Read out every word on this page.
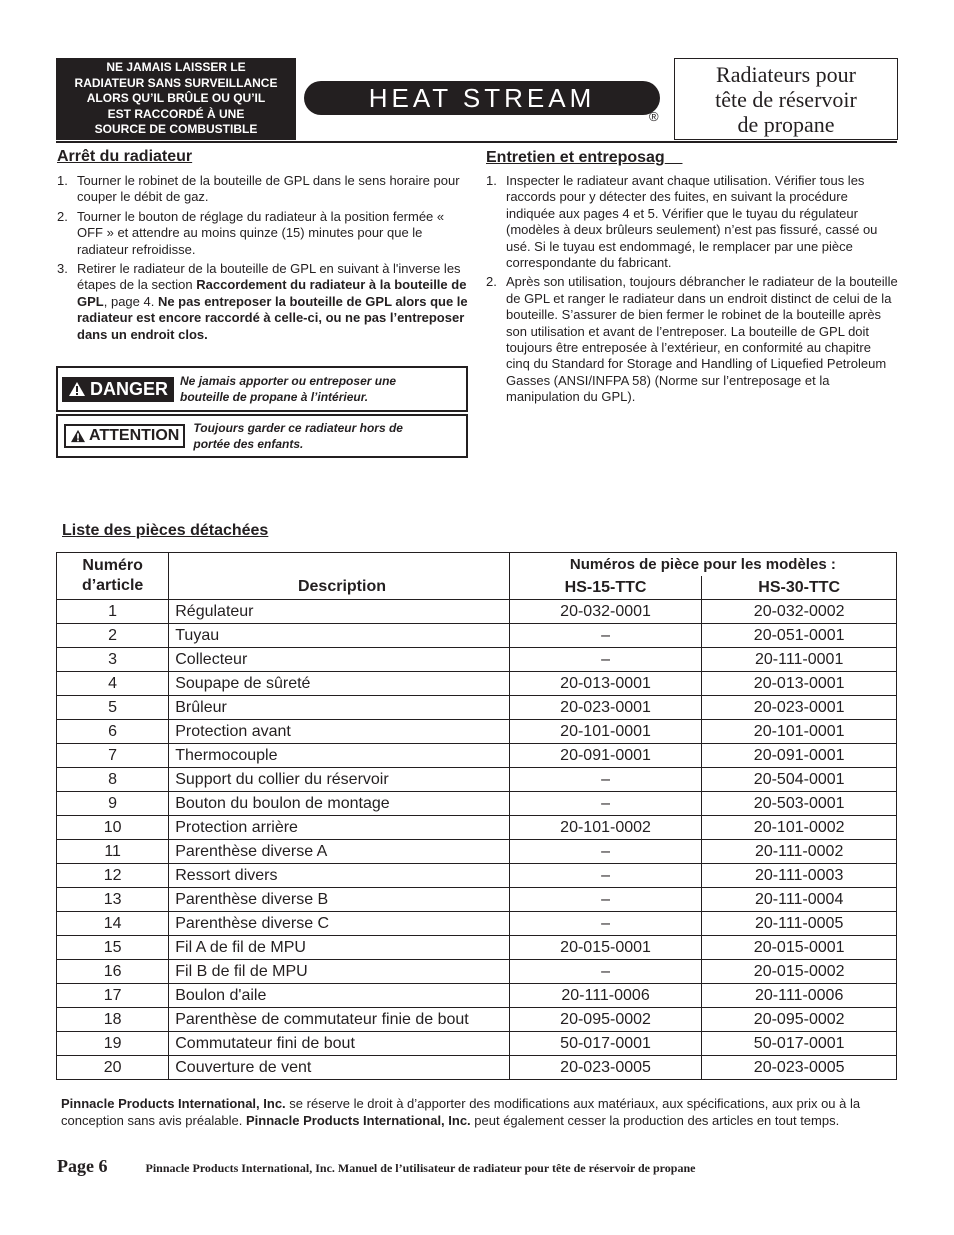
NE JAMAIS LAISSER LE
RADIATEUR SANS SURVEILLANCE
ALORS QU’IL BRÛLE OU QU’IL
EST RACCORDÉ À UNE
SOURCE DE COMBUSTIBLE
HEAT STREAM
®
Radiateurs pour
tête de réservoir
de propane
Arrêt du radiateur
1. Tourner le robinet de la bouteille de GPL dans le sens horaire pour couper le débit de gaz.
2. Tourner le bouton de réglage du radiateur à la position fermée « OFF » et attendre au moins quinze (15) minutes pour que le radiateur refroidisse.
3. Retirer le radiateur de la bouteille de GPL en suivant à l'inverse les étapes de la section Raccordement du radiateur à la bouteille de GPL, page 4. Ne pas entreposer la bouteille de GPL alors que le radiateur est encore raccordé à celle-ci, ou ne pas l’entreposer dans un endroit clos.
DANGER Ne jamais apporter ou entreposer une bouteille de propane à l’intérieur.
ATTENTION Toujours garder ce radiateur hors de portée des enfants.
Entretien et entreposag
1. Inspecter le radiateur avant chaque utilisation. Vérifier tous les raccords pour y détecter des fuites, en suivant la procédure indiquée aux pages 4 et 5. Vérifier que le tuyau du régulateur (modèles à deux brûleurs seulement) n’est pas fissuré, cassé ou usé. Si le tuyau est endommagé, le remplacer par une pièce correspondante du fabricant.
2. Après son utilisation, toujours débrancher le radiateur de la bouteille de GPL et ranger le radiateur dans un endroit distinct de celui de la bouteille. S’assurer de bien fermer le robinet de la bouteille après son utilisation et avant de l’entreposer. La bouteille de GPL doit toujours être entreposée à l’extérieur, en conformité au chapitre cinq du Standard for Storage and Handling of Liquefied Petroleum Gasses (ANSI/INFPA 58) (Norme sur l’entreposage et la manipulation du GPL).
Liste des pièces détachées
Numéro d’article	Description	Numéros de pièce pour les modèles :	
		HS-15-TTC	HS-30-TTC
1	Régulateur	20-032-0001	20-032-0002
2	Tuyau	–	20-051-0001
3	Collecteur	–	20-111-0001
4	Soupape de sûreté	20-013-0001	20-013-0001
5	Brûleur	20-023-0001	20-023-0001
6	Protection avant	20-101-0001	20-101-0001
7	Thermocouple	20-091-0001	20-091-0001
8	Support du collier du réservoir	–	20-504-0001
9	Bouton du boulon de montage	–	20-503-0001
10	Protection arrière	20-101-0002	20-101-0002
11	Parenthèse diverse A	–	20-111-0002
12	Ressort divers	–	20-111-0003
13	Parenthèse diverse B	–	20-111-0004
14	Parenthèse diverse C	–	20-111-0005
15	Fil A de fil de MPU	20-015-0001	20-015-0001
16	Fil B de fil de MPU	–	20-015-0002
17	Boulon d'aile	20-111-0006	20-111-0006
18	Parenthèse de commutateur finie de bout	20-095-0002	20-095-0002
19	Commutateur fini de bout	50-017-0001	50-017-0001
20	Couverture de vent	20-023-0005	20-023-0005
Pinnacle Products International, Inc. se réserve le droit à d’apporter des modifications aux matériaux, aux spécifications, aux prix ou à la conception sans avis préalable. Pinnacle Products International, Inc. peut également cesser la production des articles en tout temps.
Page 6	Pinnacle Products International, Inc. Manuel de l’utilisateur de radiateur pour tête de réservoir de propane
